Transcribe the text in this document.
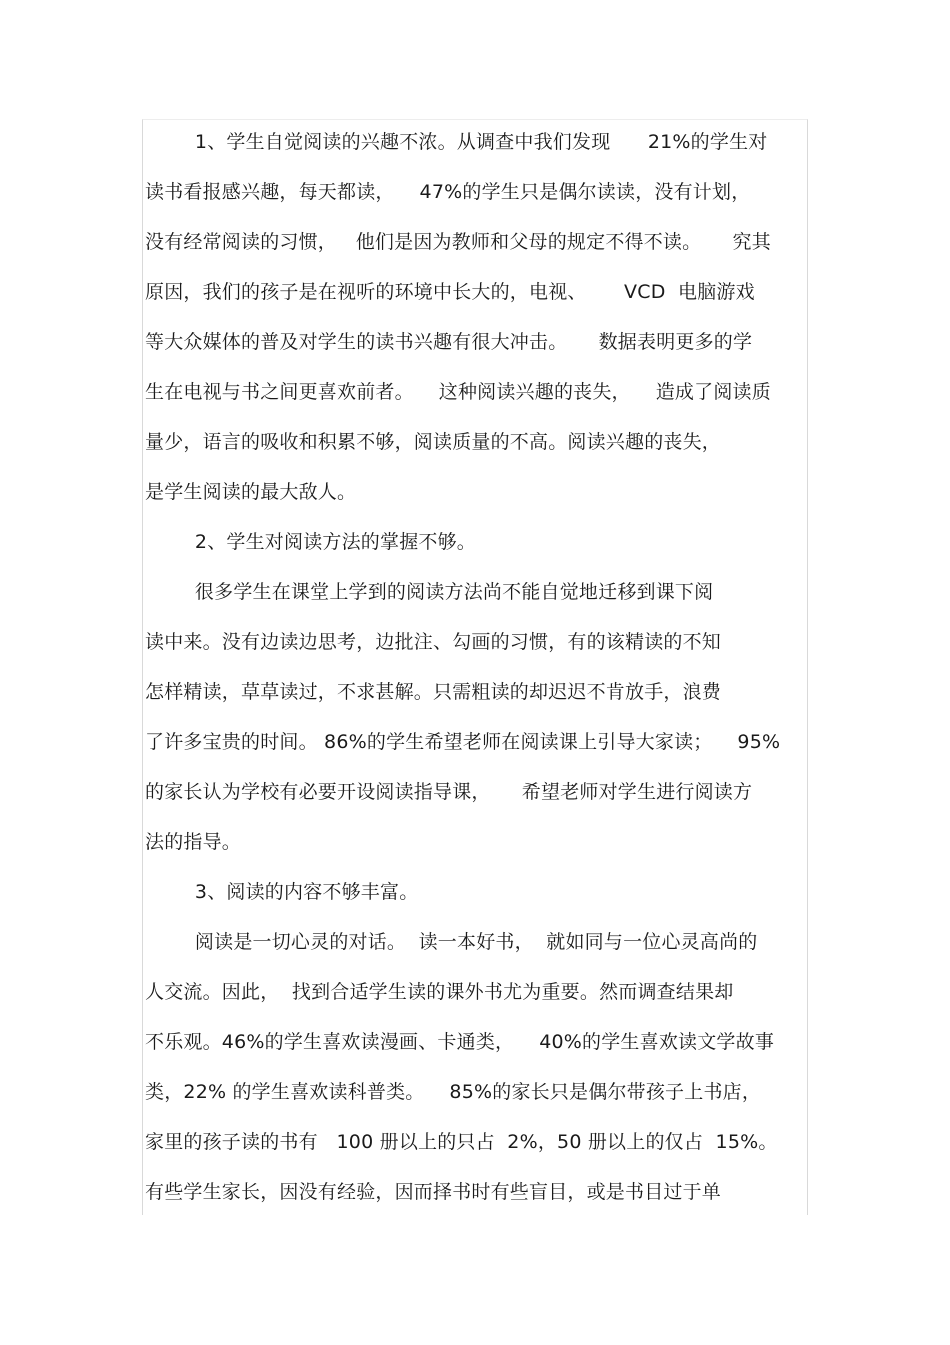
1、学生自觉阅读的兴趣不浓。从调查中我们发现      21%的学生对
读书看报感兴趣，每天都读，    47%的学生只是偶尔读读，没有计划，
没有经常阅读的习惯，   他们是因为教师和父母的规定不得不读。     究其
原因，我们的孩子是在视听的环境中长大的，电视、      VCD  电脑游戏
等大众媒体的普及对学生的读书兴趣有很大冲击。     数据表明更多的学
生在电视与书之间更喜欢前者。    这种阅读兴趣的丧失，    造成了阅读质
量少，语言的吸收和积累不够，阅读质量的不高。阅读兴趣的丧失，
是学生阅读的最大敌人。
2、学生对阅读方法的掌握不够。
很多学生在课堂上学到的阅读方法尚不能自觉地迁移到课下阅
读中来。没有边读边思考，边批注、勾画的习惯，有的该精读的不知
怎样精读，草草读过，不求甚解。只需粗读的却迟迟不肯放手，浪费
了许多宝贵的时间。 86%的学生希望老师在阅读课上引导大家读；    95%
的家长认为学校有必要开设阅读指导课，     希望老师对学生进行阅读方
法的指导。
3、阅读的内容不够丰富。
阅读是一切心灵的对话。  读一本好书，  就如同与一位心灵高尚的
人交流。因此，  找到合适学生读的课外书尤为重要。然而调查结果却
不乐观。46%的学生喜欢读漫画、卡通类，    40%的学生喜欢读文学故事
类，22% 的学生喜欢读科普类。    85%的家长只是偶尔带孩子上书店，
家里的孩子读的书有   100 册以上的只占  2%，50 册以上的仅占  15%。
有些学生家长，因没有经验，因而择书时有些盲目，或是书目过于单
